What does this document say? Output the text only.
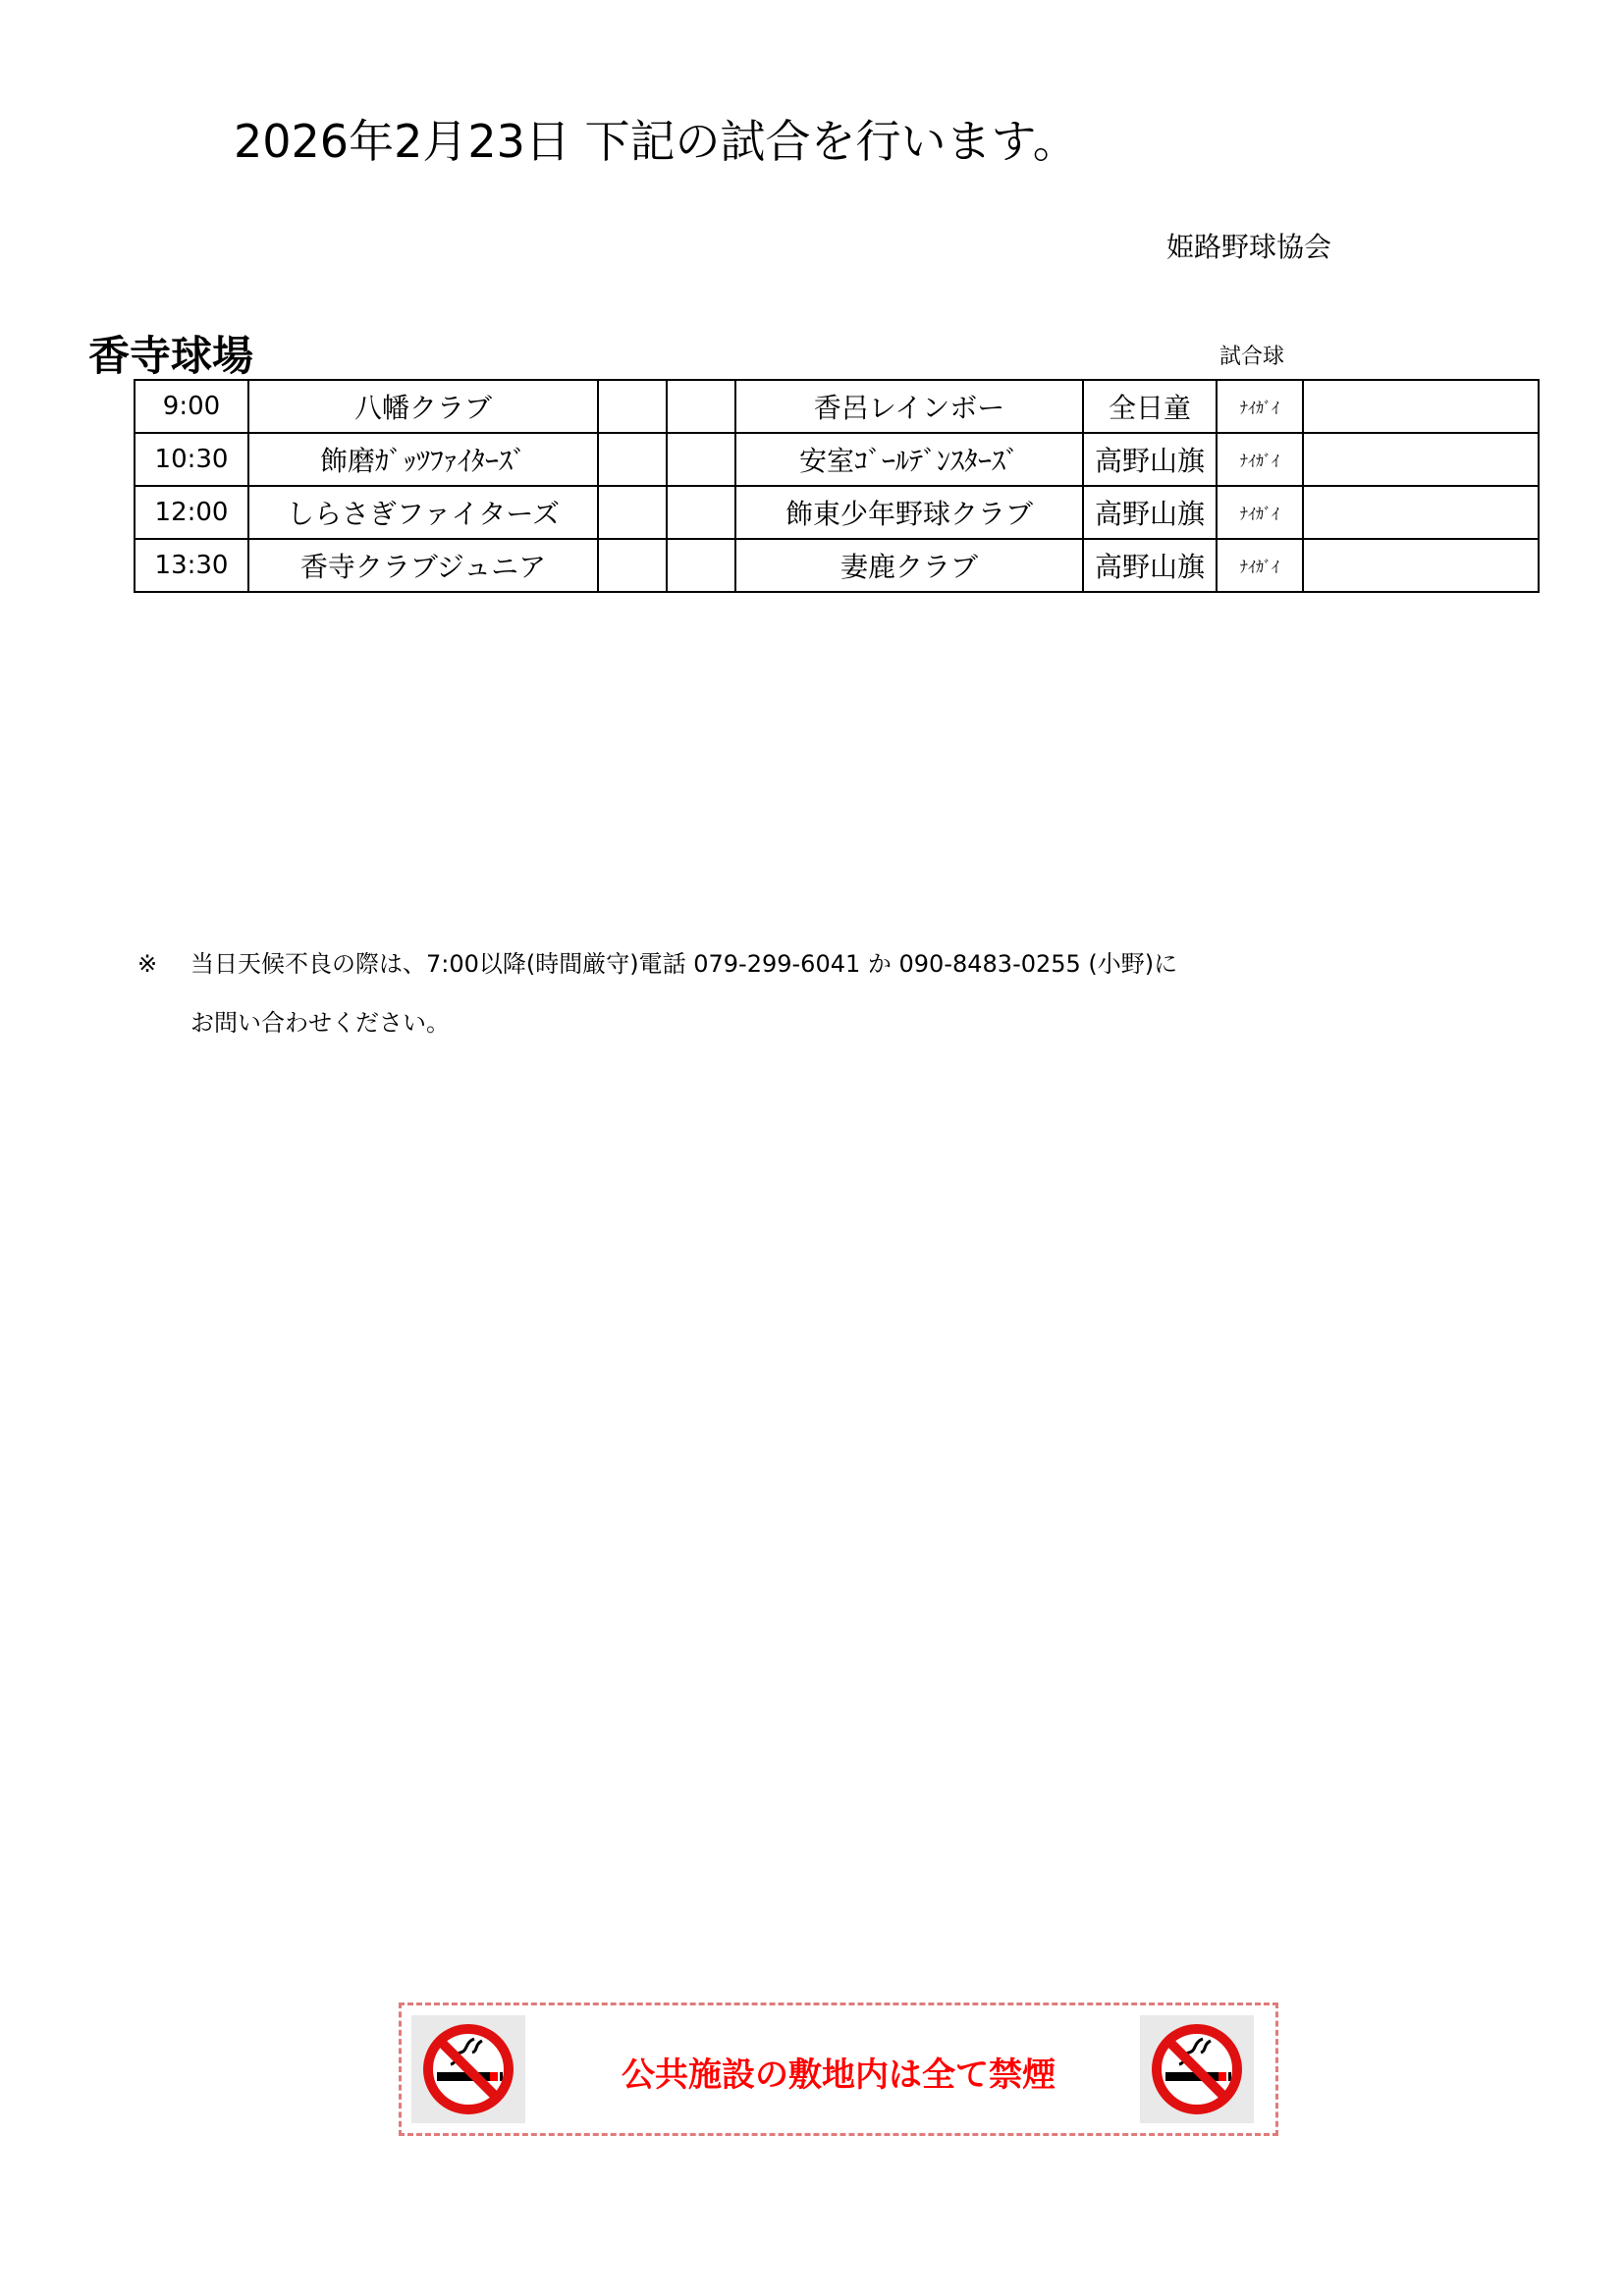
2026年2月23日 下記の試合を行います。
姫路野球協会
香寺球場	試合球
9:00	八幡クラブ			香呂レインボー	全日童	ﾅｲｶﾞｲ	
10:30	飾磨ｶﾞｯﾂﾌｧｲﾀｰｽﾞ			安室ｺﾞｰﾙﾃﾞﾝｽﾀｰｽﾞ	高野山旗	ﾅｲｶﾞｲ	
12:00	しらさぎファイターズ			飾東少年野球クラブ	高野山旗	ﾅｲｶﾞｲ	
13:30	香寺クラブジュニア			妻鹿クラブ	高野山旗	ﾅｲｶﾞｲ	
※ 当日天候不良の際は、7:00以降(時間厳守)電話 079-299-6041 か 090-8483-0255 (小野)に
お問い合わせください。
公共施設の敷地内は全て禁煙
